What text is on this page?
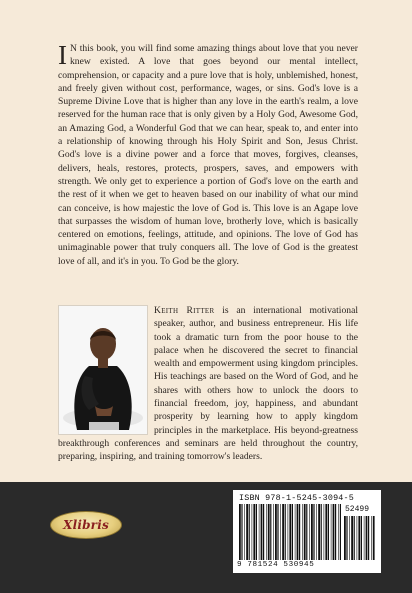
I N this book, you will find some amazing things about love that you never knew existed. A love that goes beyond our mental intellect, comprehension, or capacity and a pure love that is holy, unblemished, honest, and freely given without cost, performance, wages, or sins. God's love is a Supreme Divine Love that is higher than any love in the earth's realm, a love reserved for the human race that is only given by a Holy God, Awesome God, an Amazing God, a Wonderful God that we can hear, speak to, and enter into a relationship of knowing through his Holy Spirit and Son, Jesus Christ. God's love is a divine power and a force that moves, forgives, cleanses, delivers, heals, restores, protects, prospers, saves, and empowers with strength. We only get to experience a portion of God's love on the earth and the rest of it when we get to heaven based on our inability of what our mind can conceive, is how majestic the love of God is. This love is an Agape love that surpasses the wisdom of human love, brotherly love, which is basically centered on emotions, feelings, attitude, and opinions. The love of God has unimaginable power that truly conquers all. The love of God is the greatest love of all, and it's in you. To God be the glory.

Keith Ritter is an international motivational speaker, author, and business entrepreneur. His life took a dramatic turn from the poor house to the palace when he discovered the secret to financial wealth and empowerment using kingdom principles. His teachings are based on the Word of God, and he shares with others how to unlock the doors to financial freedom, joy, happiness, and abundant prosperity by learning how to apply kingdom principles in the marketplace. His beyond-greatness breakthrough conferences and seminars are held throughout the country, preparing, inspiring, and training tomorrow's leaders.

Xlibris
ISBN 978-1-5245-3094-5
52499
9 781524 530945
